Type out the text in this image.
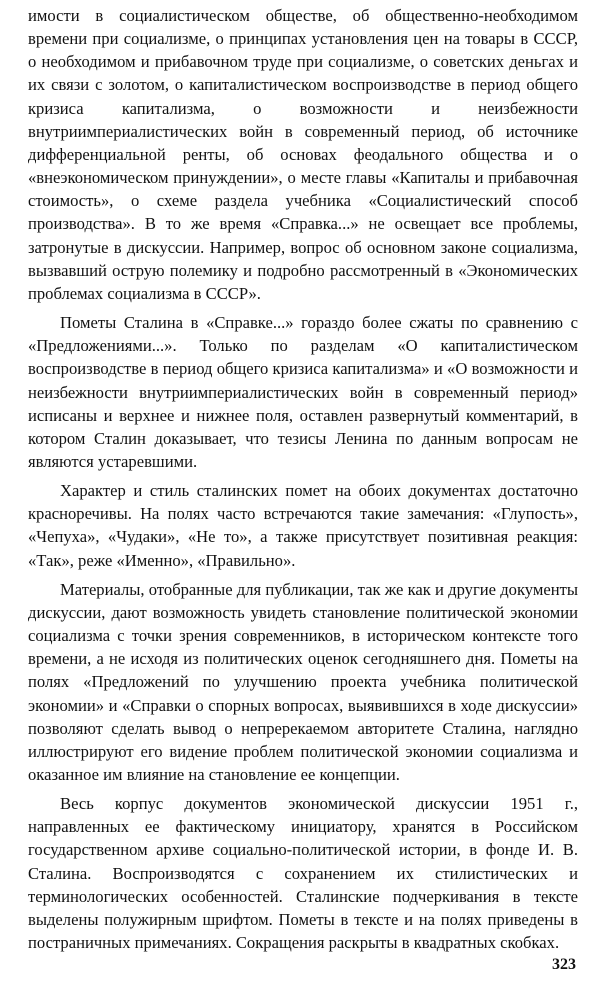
имости в социалистическом обществе, об общественно-необходимом времени при социализме, о принципах установления цен на товары в СССР, о необходимом и прибавочном труде при социализме, о советских деньгах и их связи с золотом, о капиталистическом воспроизводстве в период общего кризиса капитализма, о возможности и неизбежности внутриимпериалистических войн в современный период, об источнике дифференциальной ренты, об основах феодального общества и о «внеэкономическом принуждении», о месте главы «Капиталы и прибавочная стоимость», о схеме раздела учебника «Социалистический способ производства». В то же время «Справка...» не освещает все проблемы, затронутые в дискуссии. Например, вопрос об основном законе социализма, вызвавший острую полемику и подробно рассмотренный в «Экономических проблемах социализма в СССР».

Пометы Сталина в «Справке...» гораздо более сжаты по сравнению с «Предложениями...». Только по разделам «О капиталистическом воспроизводстве в период общего кризиса капитализма» и «О возможности и неизбежности внутриимпериалистических войн в современный период» исписаны и верхнее и нижнее поля, оставлен развернутый комментарий, в котором Сталин доказывает, что тезисы Ленина по данным вопросам не являются устаревшими.

Характер и стиль сталинских помет на обоих документах достаточно красноречивы. На полях часто встречаются такие замечания: «Глупость», «Чепуха», «Чудаки», «Не то», а также присутствует позитивная реакция: «Так», реже «Именно», «Правильно».

Материалы, отобранные для публикации, так же как и другие документы дискуссии, дают возможность увидеть становление политической экономии социализма с точки зрения современников, в историческом контексте того времени, а не исходя из политических оценок сегодняшнего дня. Пометы на полях «Предложений по улучшению проекта учебника политической экономии» и «Справки о спорных вопросах, выявившихся в ходе дискуссии» позволяют сделать вывод о непререкаемом авторитете Сталина, наглядно иллюстрируют его видение проблем политической экономии социализма и оказанное им влияние на становление ее концепции.

Весь корпус документов экономической дискуссии 1951 г., направленных ее фактическому инициатору, хранятся в Российском государственном архиве социально-политической истории, в фонде И. В. Сталина. Воспроизводятся с сохранением их стилистических и терминологических особенностей. Сталинские подчеркивания в тексте выделены полужирным шрифтом. Пометы в тексте и на полях приведены в постраничных примечаниях. Сокращения раскрыты в квадратных скобках.

323
